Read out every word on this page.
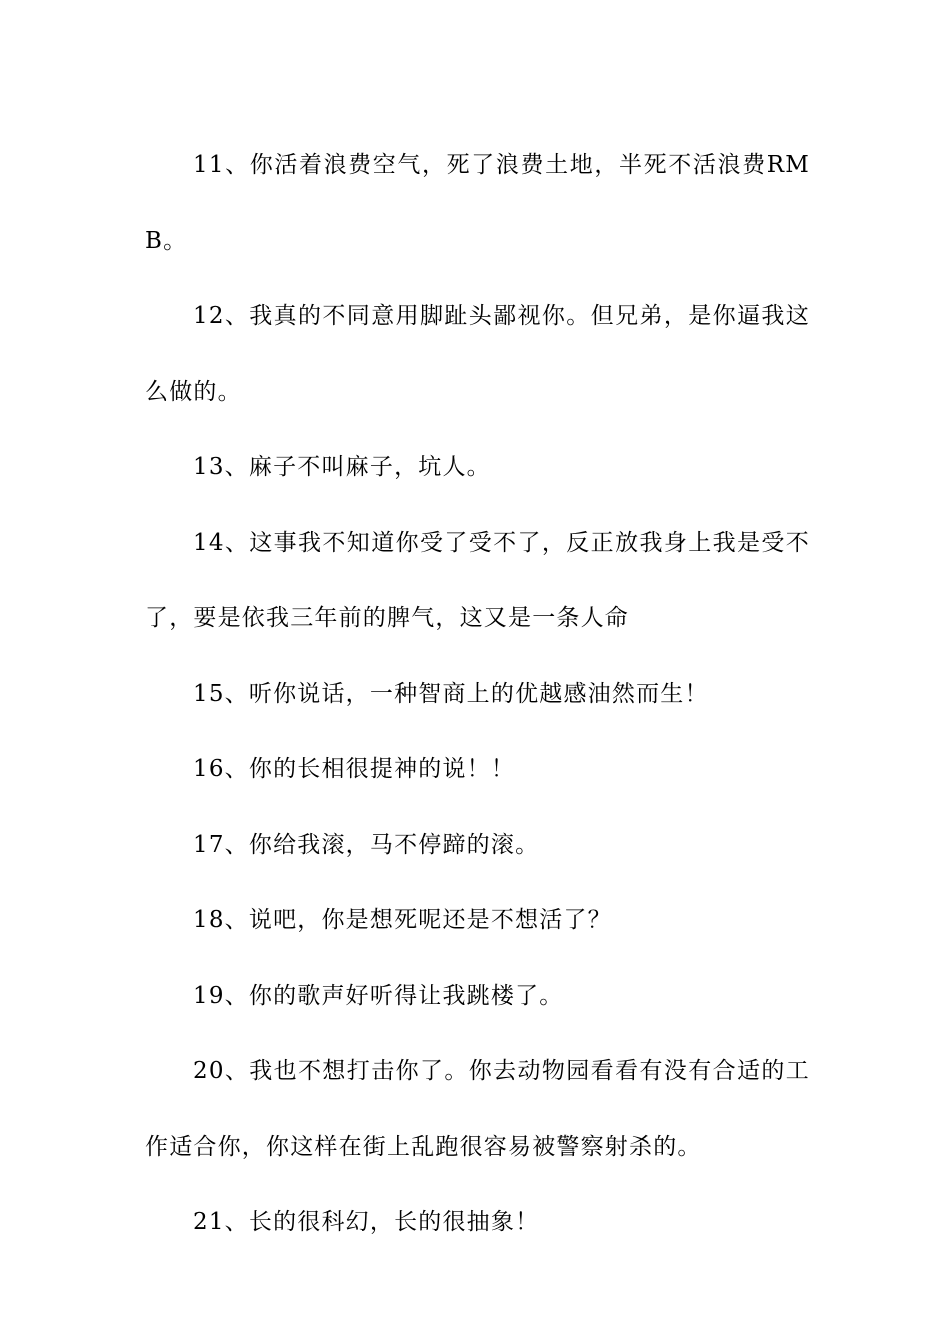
11、你活着浪费空气，死了浪费土地，半死不活浪费RMB。

12、我真的不同意用脚趾头鄙视你。但兄弟，是你逼我这么做的。

13、麻子不叫麻子，坑人。

14、这事我不知道你受了受不了，反正放我身上我是受不了，要是依我三年前的脾气，这又是一条人命

15、听你说话，一种智商上的优越感油然而生！

16、你的长相很提神的说！！

17、你给我滚，马不停蹄的滚。

18、说吧，你是想死呢还是不想活了？

19、你的歌声好听得让我跳楼了。

20、我也不想打击你了。你去动物园看看有没有合适的工作适合你，你这样在街上乱跑很容易被警察射杀的。

21、长的很科幻，长的很抽象！
